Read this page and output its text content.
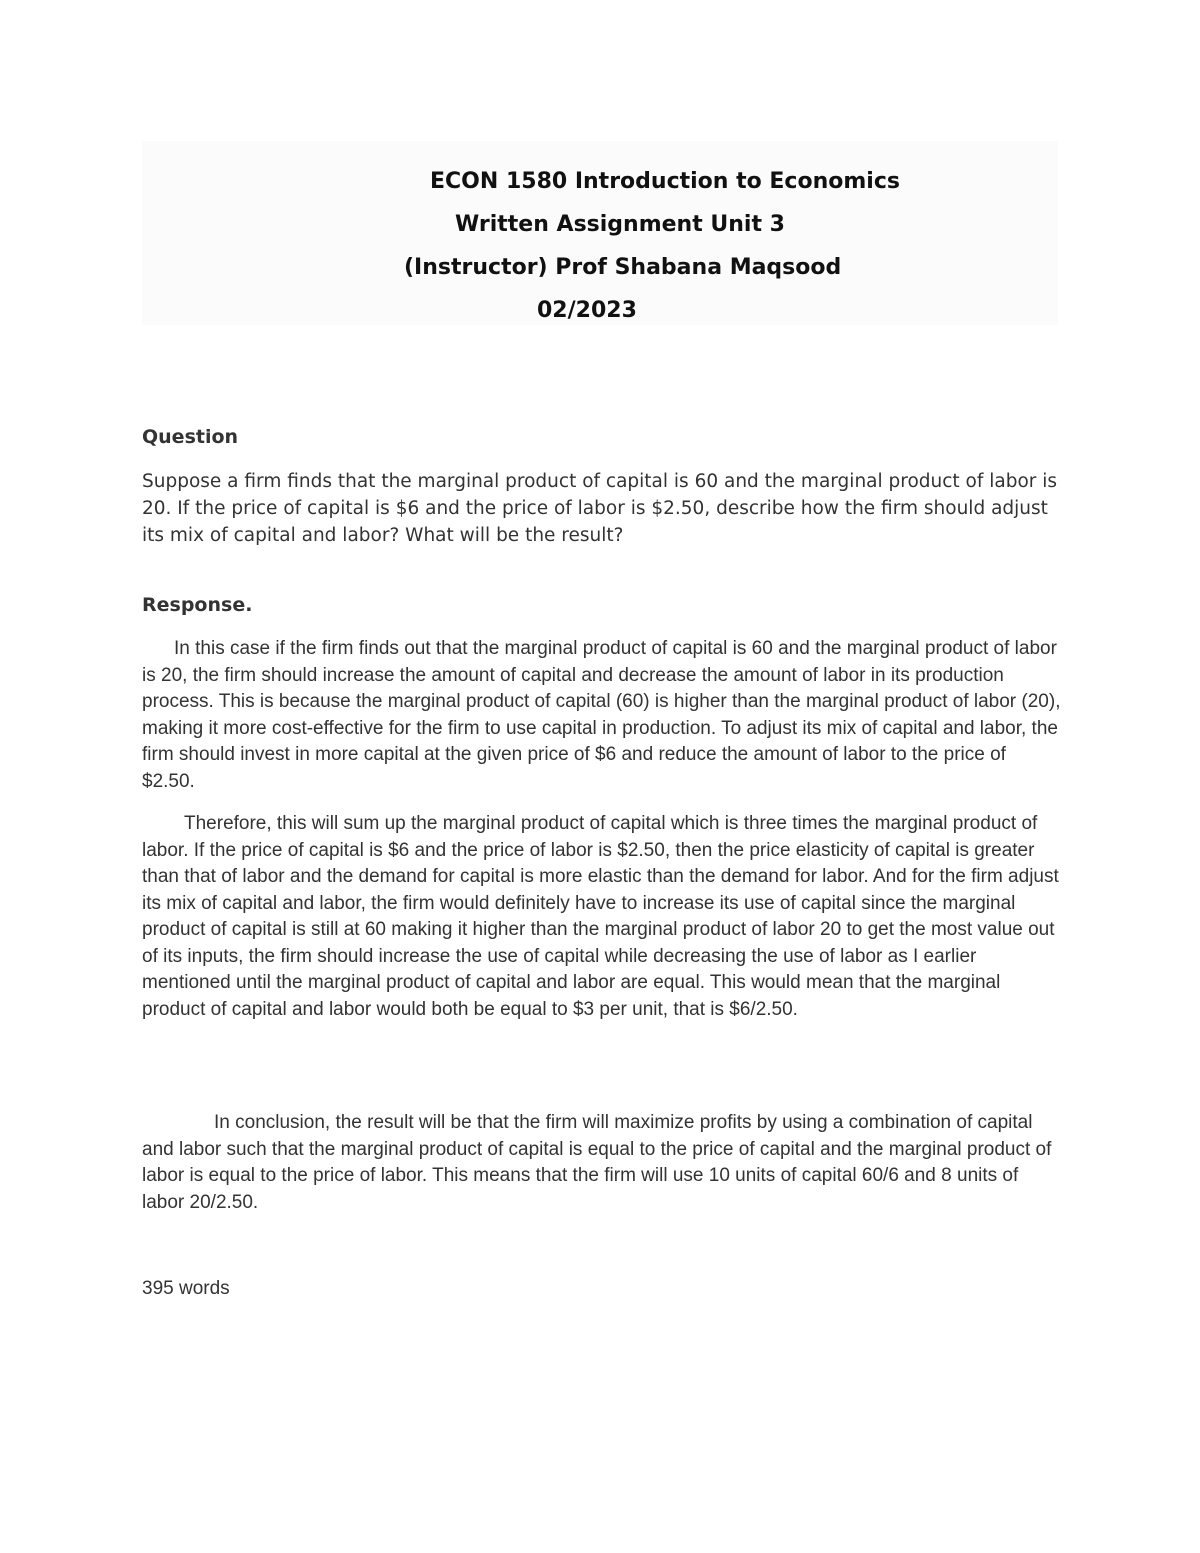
ECON 1580 Introduction to Economics
Written Assignment Unit 3
(Instructor) Prof Shabana Maqsood
02/2023
Question
Suppose a firm finds that the marginal product of capital is 60 and the marginal product of labor is 20. If the price of capital is $6 and the price of labor is $2.50, describe how the firm should adjust its mix of capital and labor? What will be the result?
Response.
In this case if the firm finds out that the marginal product of capital is 60 and the marginal product of labor is 20, the firm should increase the amount of capital and decrease the amount of labor in its production process. This is because the marginal product of capital (60) is higher than the marginal product of labor (20), making it more cost-effective for the firm to use capital in production. To adjust its mix of capital and labor, the firm should invest in more capital at the given price of $6 and reduce the amount of labor to the price of $2.50.
Therefore, this will sum up the marginal product of capital which is three times the marginal product of labor. If the price of capital is $6 and the price of labor is $2.50, then the price elasticity of capital is greater than that of labor and the demand for capital is more elastic than the demand for labor. And for the firm adjust its mix of capital and labor, the firm would definitely have to increase its use of capital since the marginal product of capital is still at 60 making it higher than the marginal product of labor 20 to get the most value out of its inputs, the firm should increase the use of capital while decreasing the use of labor as I earlier mentioned until the marginal product of capital and labor are equal. This would mean that the marginal product of capital and labor would both be equal to $3 per unit, that is $6/2.50.
In conclusion, the result will be that the firm will maximize profits by using a combination of capital and labor such that the marginal product of capital is equal to the price of capital and the marginal product of labor is equal to the price of labor. This means that the firm will use 10 units of capital 60/6 and 8 units of labor 20/2.50.
395 words
